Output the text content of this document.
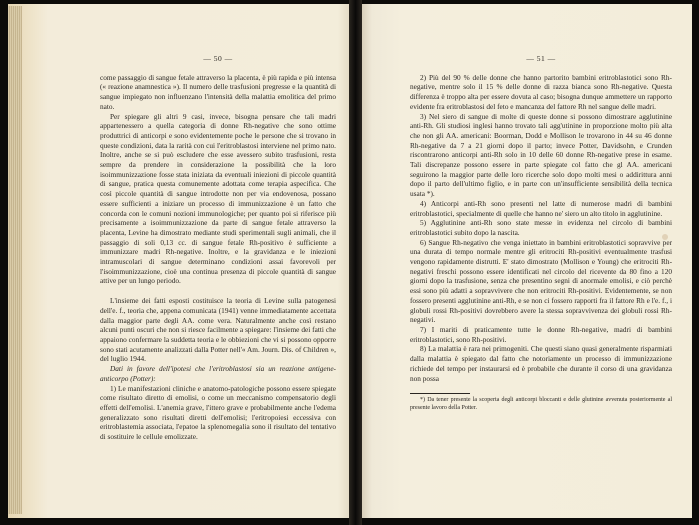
— 50 —

come passaggio di sangue fetale attraverso la placenta, è più rapida e più intensa (« reazione anamnestica »). Il numero delle trasfusioni pregresse e la quantità di sangue impiegato non influenzano l'intensità della malattia emolitica del primo nato.

Per spiegare gli altri 9 casi, invece, bisogna pensare che tali madri appartenessero a quella categoria di donne Rh-negative che sono ottime produttrici di anticorpi e sono evidentemente poche le persone che si trovano in queste condizioni, data la rarità con cui l'eritroblastosi interviene nel primo nato. Inoltre, anche se si può escludere che esse avessero subito trasfusioni, resta sempre da prendere in considerazione la possibilità che la loro isoimmunizzazione fosse stata iniziata da eventuali iniezioni di piccole quantità di sangue, pratica questa comunemente adottata come terapia aspecifica. Che così piccole quantità di sangue introdotte non per via endovenosa, possano essere sufficienti a iniziare un processo di immunizzazione è un fatto che concorda con le comuni nozioni immunologiche; per quanto poi si riferisce più precisamente a isoimmunizzazione da parte di sangue fetale attraverso la placenta, Levine ha dimostrato mediante studi sperimentali sugli animali, che il passaggio di soli 0,13 cc. di sangue fetale Rh-positivo è sufficiente a immunizzare madri Rh-negative. Inoltre, e la gravidanza e le iniezioni intramuscolari di sangue determinano condizioni assai favorevoli per l'isoimmunizzazione, cioè una continua presenza di piccole quantità di sangue attive per un lungo periodo.

L'insieme dei fatti esposti costituisce la teoria di Levine sulla patogenesi dell'e. f., teoria che, appena comunicata (1941) venne immediatamente accettata dalla maggior parte degli AA. come vera. Naturalmente anche così restano alcuni punti oscuri che non si riesce facilmente a spiegare: l'insieme dei fatti che appaiono confermare la suddetta teoria e le obbiezioni che vi si possono opporre sono stati acutamente analizzati dalla Potter nell'« Am. Journ. Dis. of Children », del luglio 1944.

Dati in favore dell'ipotesi che l'eritroblastosi sia un reazione antigene-anticorpo (Potter):

1) Le manifestazioni cliniche e anatomo-patologiche possono essere spiegate come risultato diretto di emolisi, o come un meccanismo compensatorio degli effetti dell'emolisi. L'anemia grave, l'ittero grave e probabilmente anche l'edema generalizzato sono risultati diretti dell'emolisi; l'eritropoiesi eccessiva con eritroblastemia associata, l'epatoe la splenomegalia sono il risultato del tentativo di sostituire le cellule emolizzate.

— 51 —

2) Più del 90 % delle donne che hanno partorito bambini eritroblastotici sono Rh-negative, mentre solo il 15 % delle donne di razza bianca sono Rh-negative. Questa differenza è troppo alta per essere dovuta al caso; bisogna dunque ammettere un rapporto evidente fra eritroblastosi del feto e mancanza del fattore Rh nel sangue delle madri.

3) Nel siero di sangue di molte di queste donne si possono dimostrare agglutinine anti-Rh. Gli studiosi inglesi hanno trovato tali agg'utinine in proporzione molto più alta che non gli AA. americani: Boorman, Dodd e Mollison le trovarono in 44 su 46 donne Rh-negative da 7 a 21 giorni dopo il parto; invece Potter, Davidsohn, e Crunden riscontrarono anticorpi anti-Rh solo in 10 delle 60 donne Rh-negative prese in esame. Tali discrepanze possono essere in parte spiegate col fatto che gl AA. americani seguirono la maggior parte delle loro ricerche solo dopo molti mesi o addirittura anni dopo il parto dell'ultimo figlio, e in parte con un'insufficiente sensibilità della tecnica usata *).

4) Anticorpi anti-Rh sono presenti nel latte di numerose madri di bambini eritroblastotici, specialmente di quelle che hanno ne' siero un alto titolo in agglutinine.

5) Agglutinine anti-Rh sono state messe in evidenza nel circolo di bambini eritroblastotici subito dopo la nascita.

6) Sangue Rh-negativo che venga iniettato in bambini eritroblastotici sopravvive per una durata di tempo normale mentre gli eritrociti Rh-positivi eventualmente trasfusi vengono rapidamente distrutti. E' stato dimostrato (Mollison e Young) che eritrociti Rh-negativi freschi possono essere identificati nel circolo del ricevente da 80 fino a 120 giorni dopo la trasfusione, senza che presentino segni di anormale emolisi, e ciò perchè essi sono più adatti a sopravvivere che non eritrociti Rh-positivi. Evidentemente, se non fossero presenti agglutinine anti-Rh, e se non ci fossero rapporti fra il fattore Rh e l'e. f., i globuli rossi Rh-positivi dovrebbero avere la stessa sopravvivenza dei globuli rossi Rh-negativi.

7) I mariti di praticamente tutte le donne Rh-negative, madri di bambini eritroblastotici, sono Rh-positivi.

8) La malattia è rara nei primogeniti. Che questi siano quasi generalmente risparmiati dalla malattia è spiegato dal fatto che notoriamente un processo di immunizzazione richiede del tempo per instaurarsi ed è probabile che durante il corso di una gravidanza non possa

*) Da tener presente la scoperta degli anticorpi bloccanti e delle glutinine avvenuta posteriormente al presente lavoro della Potter.
